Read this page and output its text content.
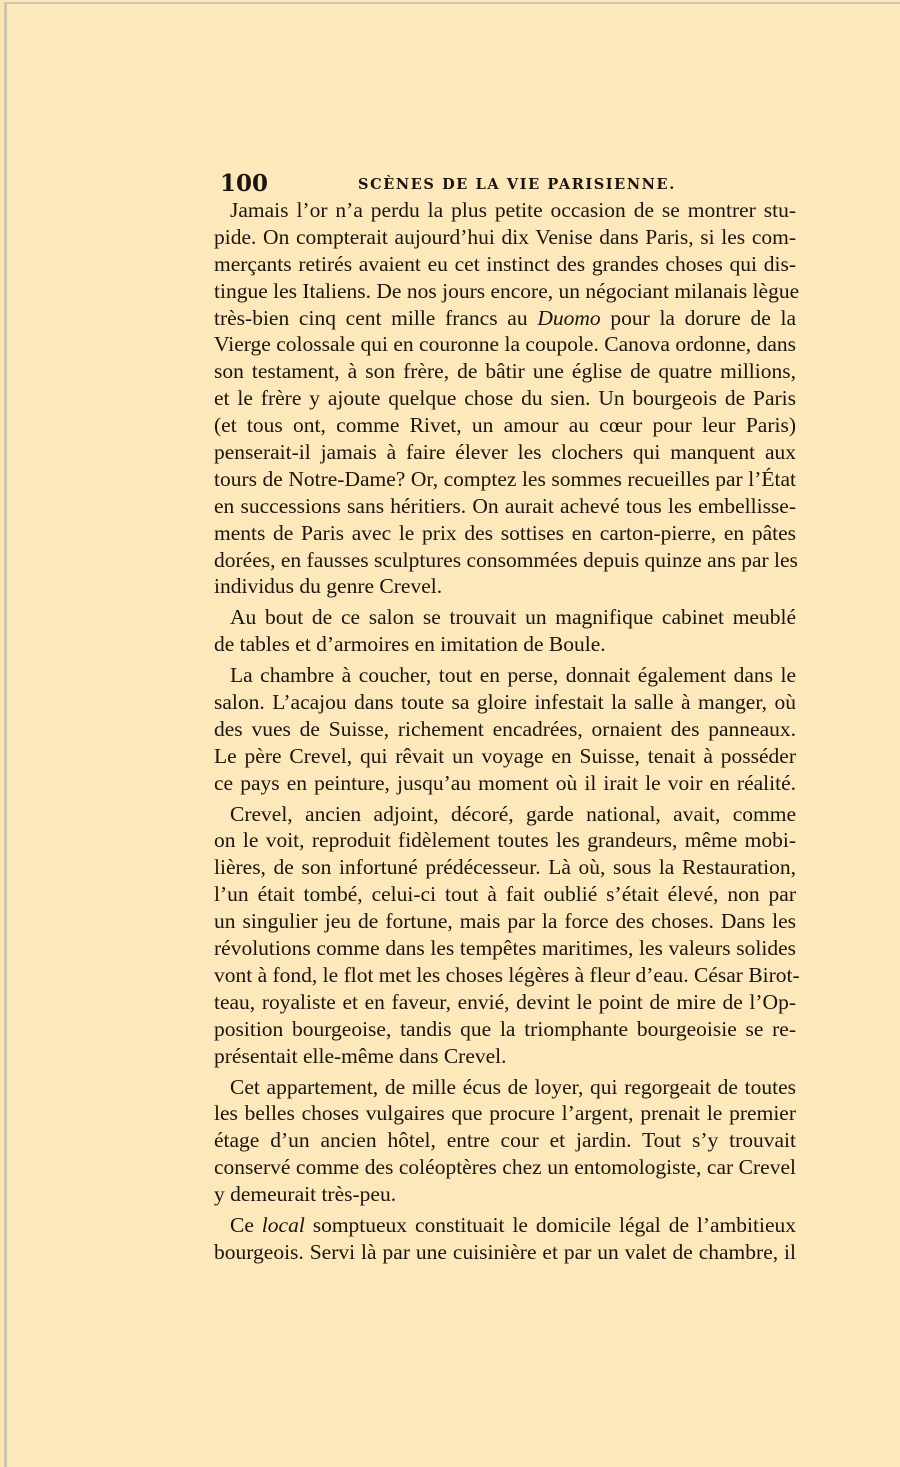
100	SCÈNES DE LA VIE PARISIENNE.
Jamais l’or n’a perdu la plus petite occasion de se montrer stu-
pide. On compterait aujourd’hui dix Venise dans Paris, si les com-
merçants retirés avaient eu cet instinct des grandes choses qui dis-
tingue les Italiens. De nos jours encore, un négociant milanais lègue
très-bien cinq cent mille francs au Duomo pour la dorure de la
Vierge colossale qui en couronne la coupole. Canova ordonne, dans
son testament, à son frère, de bâtir une église de quatre millions,
et le frère y ajoute quelque chose du sien. Un bourgeois de Paris
(et tous ont, comme Rivet, un amour au cœur pour leur Paris)
penserait-il jamais à faire élever les clochers qui manquent aux
tours de Notre-Dame? Or, comptez les sommes recueilles par l’État
en successions sans héritiers. On aurait achevé tous les embellisse-
ments de Paris avec le prix des sottises en carton-pierre, en pâtes
dorées, en fausses sculptures consommées depuis quinze ans par les
individus du genre Crevel.
Au bout de ce salon se trouvait un magnifique cabinet meublé
de tables et d’armoires en imitation de Boule.
La chambre à coucher, tout en perse, donnait également dans le
salon. L’acajou dans toute sa gloire infestait la salle à manger, où
des vues de Suisse, richement encadrées, ornaient des panneaux.
Le père Crevel, qui rêvait un voyage en Suisse, tenait à posséder
ce pays en peinture, jusqu’au moment où il irait le voir en réalité.
Crevel, ancien adjoint, décoré, garde national, avait, comme
on le voit, reproduit fidèlement toutes les grandeurs, même mobi-
lières, de son infortuné prédécesseur. Là où, sous la Restauration,
l’un était tombé, celui-ci tout à fait oublié s’était élevé, non par
un singulier jeu de fortune, mais par la force des choses. Dans les
révolutions comme dans les tempêtes maritimes, les valeurs solides
vont à fond, le flot met les choses légères à fleur d’eau. César Birot-
teau, royaliste et en faveur, envié, devint le point de mire de l’Op-
position bourgeoise, tandis que la triomphante bourgeoisie se re-
présentait elle-même dans Crevel.
Cet appartement, de mille écus de loyer, qui regorgeait de toutes
les belles choses vulgaires que procure l’argent, prenait le premier
étage d’un ancien hôtel, entre cour et jardin. Tout s’y trouvait
conservé comme des coléoptères chez un entomologiste, car Crevel
y demeurait très-peu.
Ce local somptueux constituait le domicile légal de l’ambitieux
bourgeois. Servi là par une cuisinière et par un valet de chambre, il
